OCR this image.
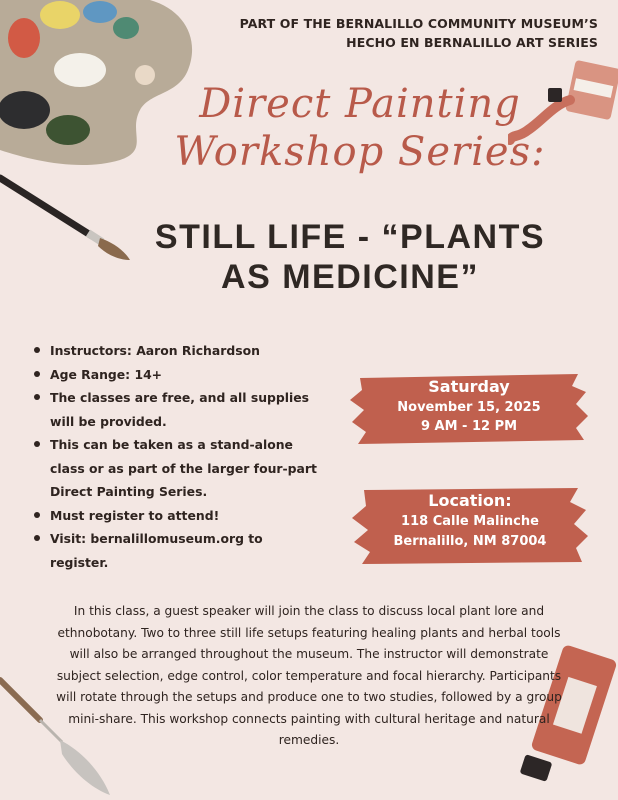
PART OF THE BERNALILLO COMMUNITY MUSEUM’S
HECHO EN BERNALILLO ART SERIES
Direct Painting
Workshop Series:
STILL LIFE - “PLANTS
AS MEDICINE”
Instructors: Aaron Richardson
Age Range: 14+
The classes are free, and all supplies will be provided.
This can be taken as a stand-alone class or as part of the larger four-part Direct Painting Series.
Must register to attend!
Visit: bernalillomuseum.org to register.
Saturday
November 15, 2025
9 AM - 12 PM
Location:
118 Calle Malinche
Bernalillo, NM 87004

In this class, a guest speaker will join the class to discuss local plant lore and ethnobotany. Two to three still life setups featuring healing plants and herbal tools will also be arranged throughout the museum. The instructor will demonstrate subject selection, edge control, color temperature and focal hierarchy. Participants will rotate through the setups and produce one to two studies, followed by a group mini-share. This workshop connects painting with cultural heritage and natural remedies.
